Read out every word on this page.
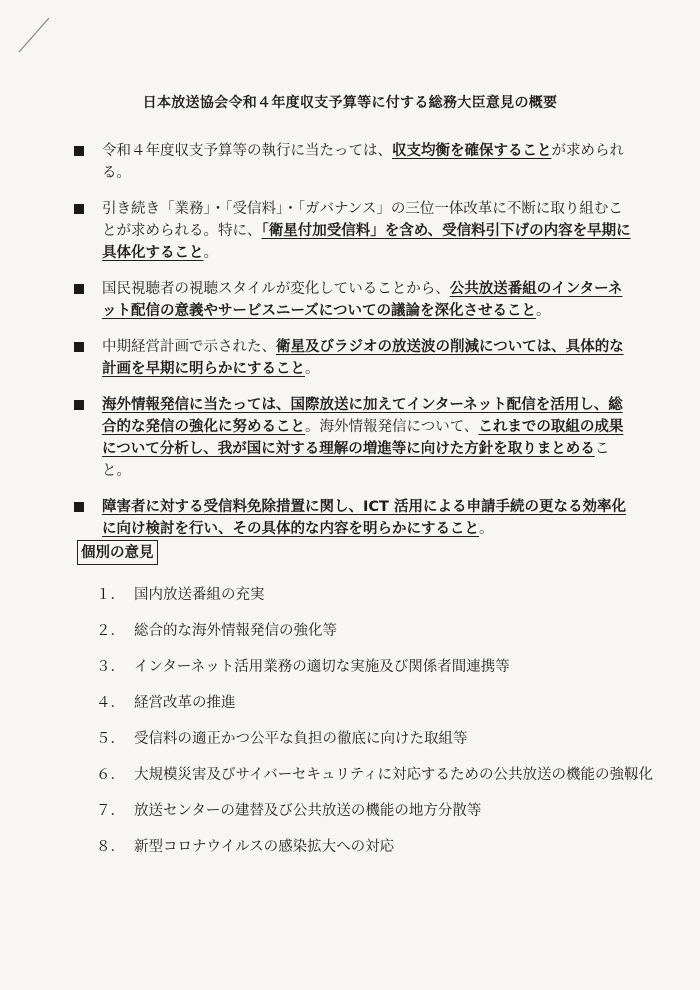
日本放送協会令和４年度収支予算等に付する総務大臣意見の概要
令和４年度収支予算等の執行に当たっては、収支均衡を確保することが求められる。
引き続き「業務」・「受信料」・「ガバナンス」の三位一体改革に不断に取り組むことが求められる。特に、「衛星付加受信料」を含め、受信料引下げの内容を早期に具体化すること。
国民視聴者の視聴スタイルが変化していることから、公共放送番組のインターネット配信の意義やサービスニーズについての議論を深化させること。
中期経営計画で示された、衛星及びラジオの放送波の削減については、具体的な計画を早期に明らかにすること。
海外情報発信に当たっては、国際放送に加えてインターネット配信を活用し、総合的な発信の強化に努めること。海外情報発信について、これまでの取組の成果について分析し、我が国に対する理解の増進等に向けた方針を取りまとめること。
障害者に対する受信料免除措置に関し、ICT 活用による申請手続の更なる効率化に向け検討を行い、その具体的な内容を明らかにすること。
個別の意見
１． 国内放送番組の充実
２． 総合的な海外情報発信の強化等
３． インターネット活用業務の適切な実施及び関係者間連携等
４． 経営改革の推進
５． 受信料の適正かつ公平な負担の徹底に向けた取組等
６． 大規模災害及びサイバーセキュリティに対応するための公共放送の機能の強靱化
７． 放送センターの建替及び公共放送の機能の地方分散等
８． 新型コロナウイルスの感染拡大への対応
